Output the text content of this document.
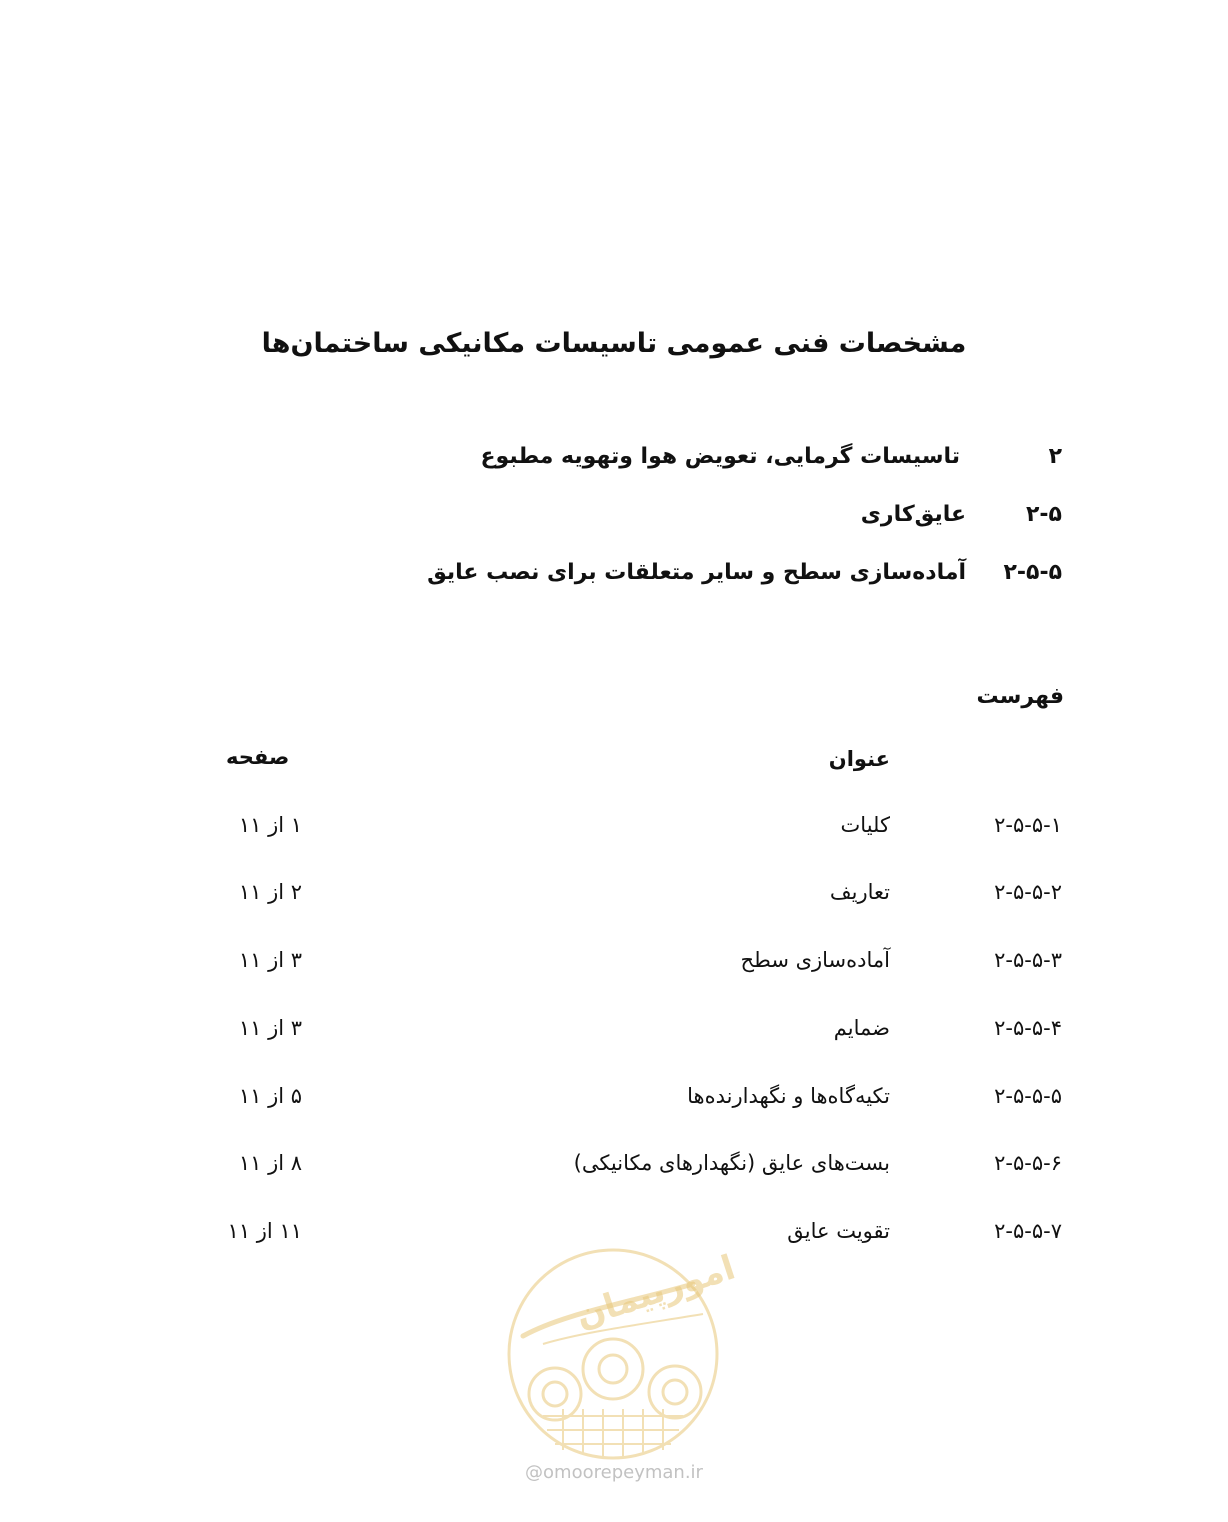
مشخصات فنی عمومی تاسیسات مکانیکی ساختمان‌ها
۲
تاسیسات گرمایی، تعویض هوا وتهویه مطبوع
۲-۵
عایق‌کاری
۲-۵-۵
آماده‌سازی سطح و سایر متعلقات برای نصب عایق
فهرست
عنوان
صفحه
۲-۵-۵-۱
کلیات
۱ از ۱۱
۲-۵-۵-۲
تعاریف
۲ از ۱۱
۲-۵-۵-۳
آماده‌سازی سطح
۳ از ۱۱
۲-۵-۵-۴
ضمایم
۳ از ۱۱
۲-۵-۵-۵
تکیه‌گاه‌ها و نگهدارنده‌ها
۵ از ۱۱
۲-۵-۵-۶
بست‌های عایق (نگهدارهای مکانیکی)
۸ از ۱۱
۲-۵-۵-۷
تقویت عایق
۱۱ از ۱۱
امورپیمان
@omoorepeyman.ir
